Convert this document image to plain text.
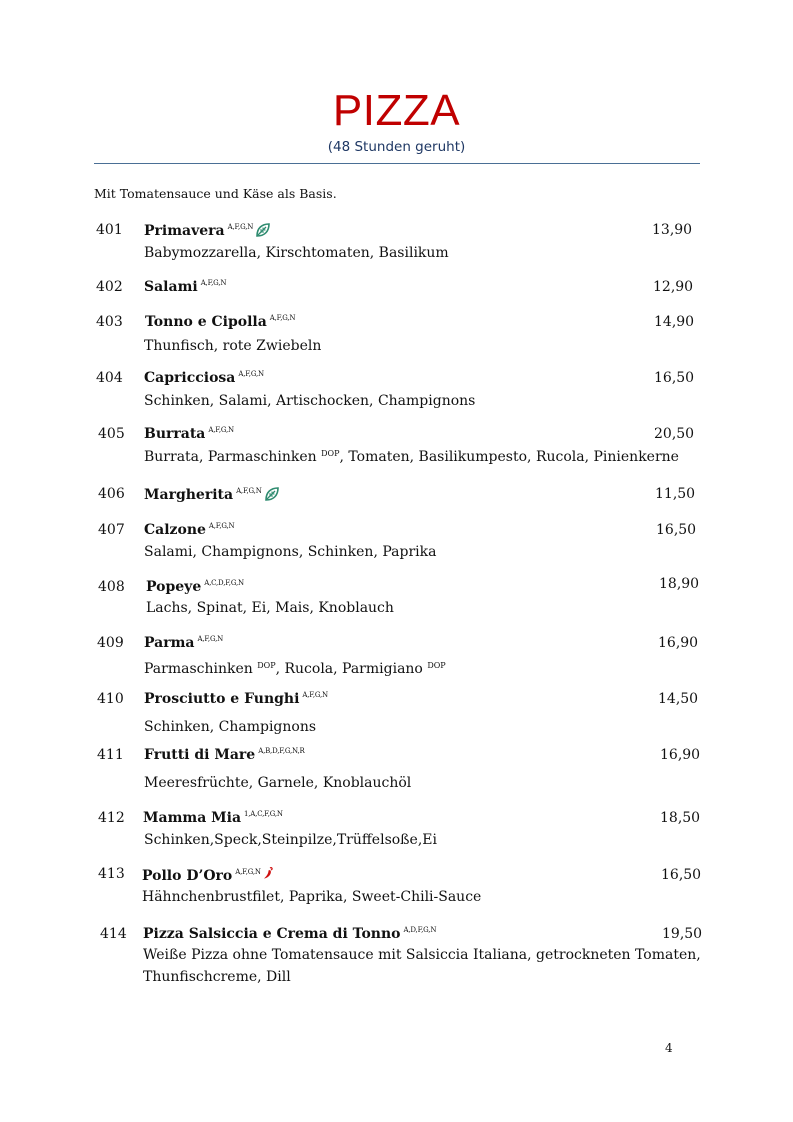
PIZZA
(48 Stunden geruht)
Mit Tomatensauce und Käse als Basis.
401 Primavera $^{A,F,G,N}$	13,90
Babymozzarella, Kirschtomaten, Basilikum
402 Salami $^{A,F,G,N}$	12,90
403 Tonno e Cipolla $^{A,F,G,N}$	14,90
Thunfisch, rote Zwiebeln
404 Capricciosa $^{A,F,G,N}$	16,50
Schinken, Salami, Artischocken, Champignons
405 Burrata $^{A,F,G,N}$	20,50
Burrata, Parmaschinken $^{DOP}$, Tomaten, Basilikumpesto, Rucola, Pinienkerne
406 Margherita $^{A,F,G,N}$	11,50
407 Calzone $^{A,F,G,N}$	16,50
Salami, Champignons, Schinken, Paprika
408 Popeye $^{A,C,D,F,G,N}$	18,90
Lachs, Spinat, Ei, Mais, Knoblauch
409 Parma $^{A,F,G,N}$	16,90
Parmaschinken $^{DOP}$, Rucola, Parmigiano $^{DOP}$
410 Prosciutto e Funghi $^{A,F,G,N}$	14,50
Schinken, Champignons
411 Frutti di Mare $^{A,B,D,F,G,N,R}$	16,90
Meeresfrüchte, Garnele, Knoblauchöl
412 Mamma Mia $^{1,A,C,F,G,N}$	18,50
Schinken,Speck,Steinpilze,Trüffelsoße,Ei
413 Pollo D’Oro $^{A,F,G,N}$	16,50
Hähnchenbrustfilet, Paprika, Sweet-Chili-Sauce
414 Pizza Salsiccia e Crema di Tonno $^{A,D,F,G,N}$	19,50
Weiße Pizza ohne Tomatensauce mit Salsiccia Italiana, getrockneten Tomaten,
Thunfischcreme, Dill
4
